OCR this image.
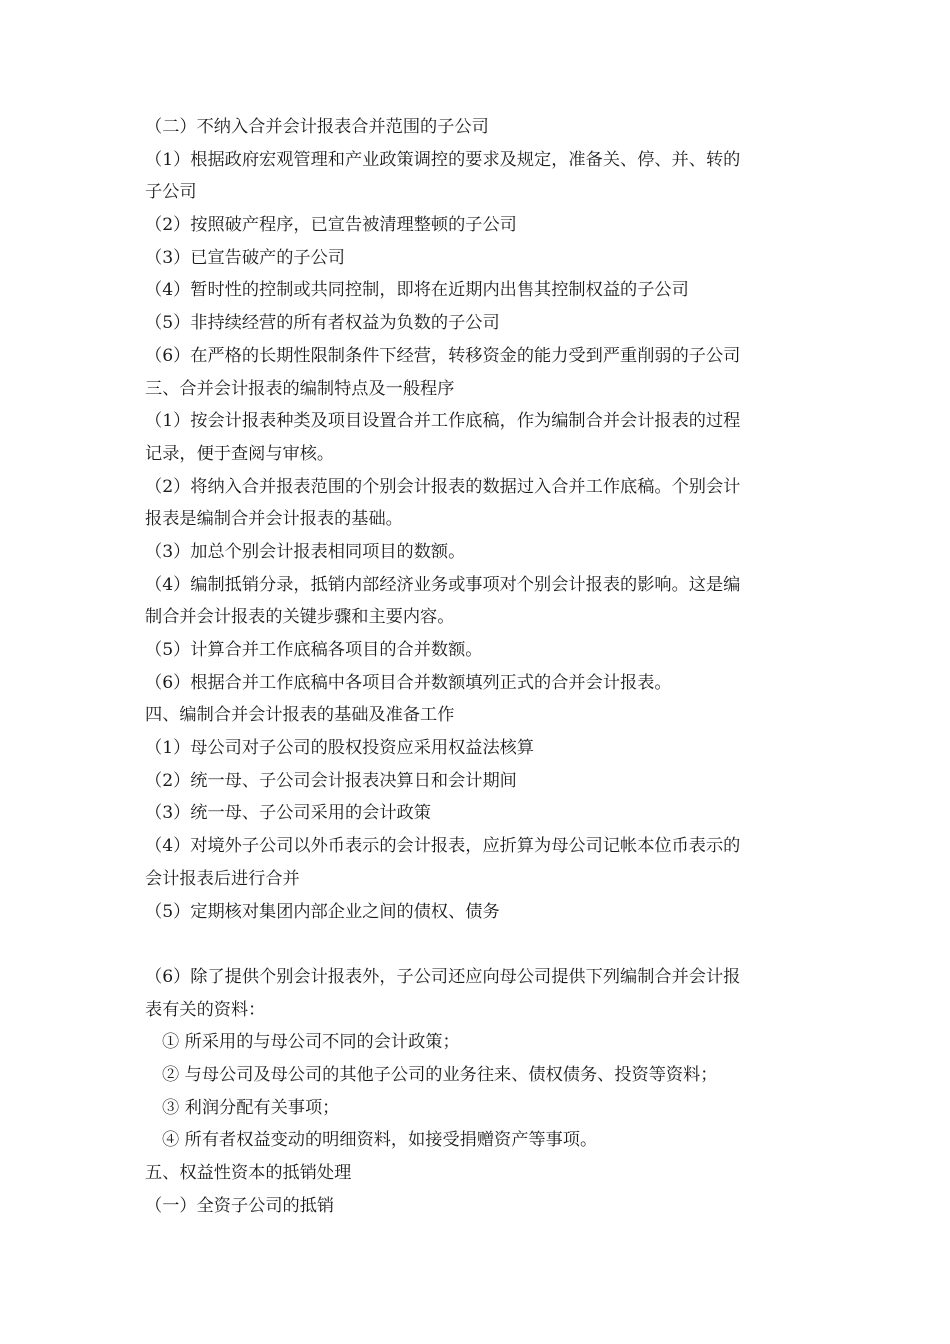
（二）不纳入合并会计报表合并范围的子公司

（1）根据政府宏观管理和产业政策调控的要求及规定，准备关、停、并、转的

子公司

（2）按照破产程序，已宣告被清理整顿的子公司

（3）已宣告破产的子公司

（4）暂时性的控制或共同控制，即将在近期内出售其控制权益的子公司

（5）非持续经营的所有者权益为负数的子公司

（6）在严格的长期性限制条件下经营，转移资金的能力受到严重削弱的子公司

三、合并会计报表的编制特点及一般程序

（1）按会计报表种类及项目设置合并工作底稿，作为编制合并会计报表的过程

记录，便于查阅与审核。

（2）将纳入合并报表范围的个别会计报表的数据过入合并工作底稿。个别会计

报表是编制合并会计报表的基础。

（3）加总个别会计报表相同项目的数额。

（4）编制抵销分录，抵销内部经济业务或事项对个别会计报表的影响。这是编

制合并会计报表的关键步骤和主要内容。

（5）计算合并工作底稿各项目的合并数额。

（6）根据合并工作底稿中各项目合并数额填列正式的合并会计报表。

四、编制合并会计报表的基础及准备工作

（1）母公司对子公司的股权投资应采用权益法核算

（2）统一母、子公司会计报表决算日和会计期间

（3）统一母、子公司采用的会计政策

（4）对境外子公司以外币表示的会计报表，应折算为母公司记帐本位币表示的

会计报表后进行合并

（5）定期核对集团内部企业之间的债权、债务

（6）除了提供个别会计报表外，子公司还应向母公司提供下列编制合并会计报

表有关的资料：

① 所采用的与母公司不同的会计政策；

② 与母公司及母公司的其他子公司的业务往来、债权债务、投资等资料；

③ 利润分配有关事项；

④ 所有者权益变动的明细资料，如接受捐赠资产等事项。

五、权益性资本的抵销处理

（一）全资子公司的抵销
